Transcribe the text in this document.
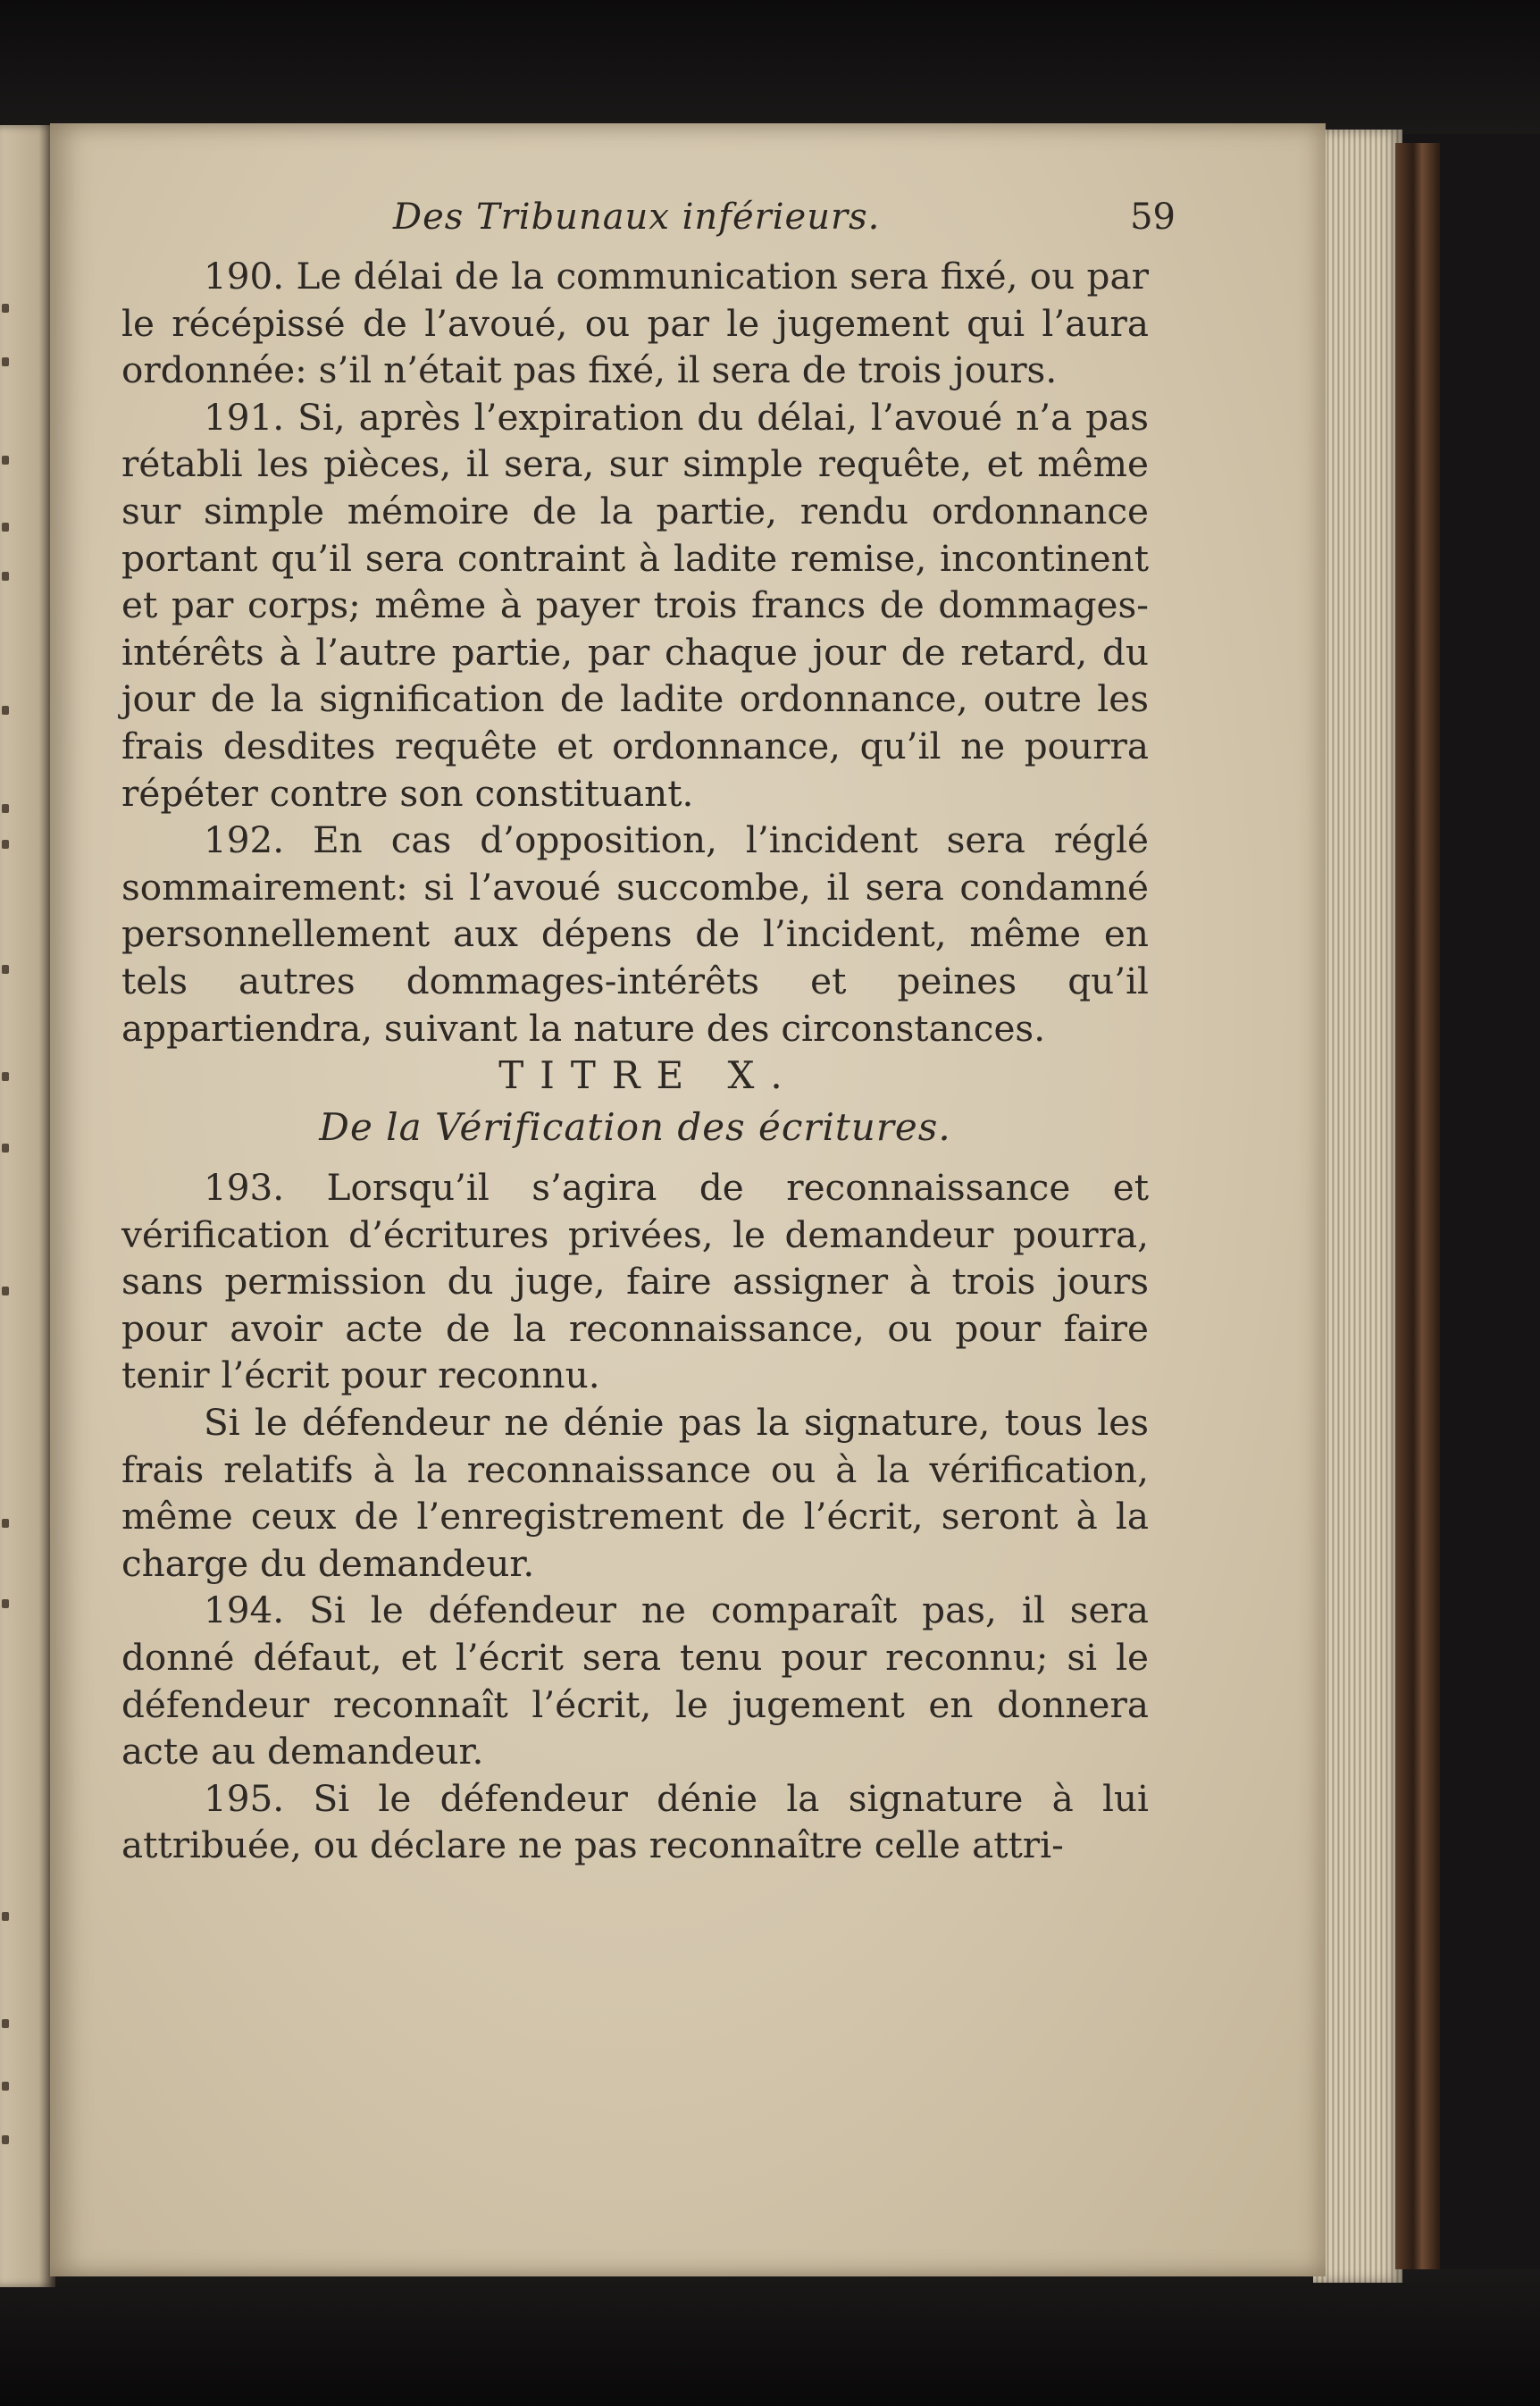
Des Tribunaux inférieurs.	59

190. Le délai de la communication sera fixé, ou par le récépissé de l’avoué, ou par le jugement qui l’aura ordonnée: s’il n’était pas fixé, il sera de trois jours.

191. Si, après l’expiration du délai, l’avoué n’a pas rétabli les pièces, il sera, sur simple requête, et même sur simple mémoire de la partie, rendu ordonnance portant qu’il sera contraint à ladite remise, incontinent et par corps; même à payer trois francs de dommages-intérêts à l’autre partie, par chaque jour de retard, du jour de la signification de ladite ordonnance, outre les frais desdites requête et ordonnance, qu’il ne pourra répéter contre son constituant.

192. En cas d’opposition, l’incident sera réglé sommairement: si l’avoué succombe, il sera condamné personnellement aux dépens de l’incident, même en tels autres dommages-intérêts et peines qu’il appartiendra, suivant la nature des circonstances.

TITRE X.

De la Vérification des écritures.

193. Lorsqu’il s’agira de reconnaissance et vérification d’écritures privées, le demandeur pourra, sans permission du juge, faire assigner à trois jours pour avoir acte de la reconnaissance, ou pour faire tenir l’écrit pour reconnu.

Si le défendeur ne dénie pas la signature, tous les frais relatifs à la reconnaissance ou à la vérification, même ceux de l’enregistrement de l’écrit, seront à la charge du demandeur.

194. Si le défendeur ne comparaît pas, il sera donné défaut, et l’écrit sera tenu pour reconnu; si le défendeur reconnaît l’écrit, le jugement en donnera acte au demandeur.

195. Si le défendeur dénie la signature à lui attribuée, ou déclare ne pas reconnaître celle attri-
